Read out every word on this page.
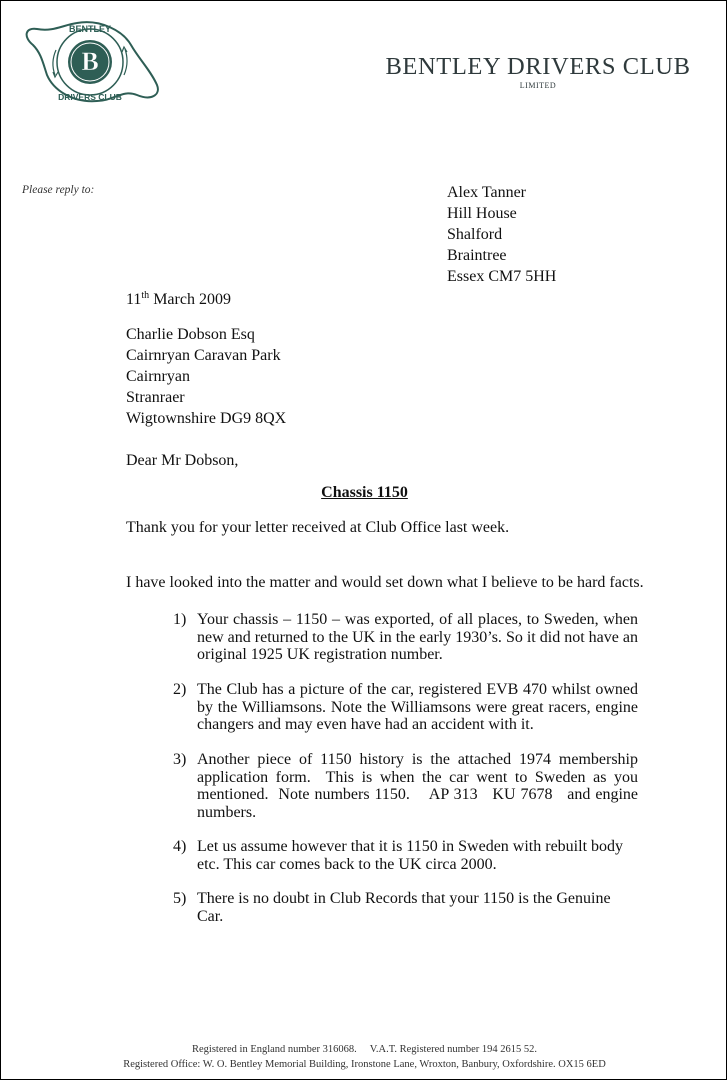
B
BENTLEY
DRIVERS CLUB
BENTLEY DRIVERS CLUB
LIMITED
Please reply to:	Alex Tanner
Hill House
Shalford
Braintree
Essex CM7 5HH
11th March 2009
Charlie Dobson Esq
Cairnryan Caravan Park
Cairnryan
Stranraer
Wigtownshire DG9 8QX
Dear Mr Dobson,
Chassis 1150
Thank you for your letter received at Club Office last week.
I have looked into the matter and would set down what I believe to be hard facts.
1) Your chassis – 1150 – was exported, of all places, to Sweden, when new and returned to the UK in the early 1930’s. So it did not have an original 1925 UK registration number.
2) The Club has a picture of the car, registered EVB 470 whilst owned by the Williamsons. Note the Williamsons were great racers, engine changers and may even have had an accident with it.
3) Another piece of 1150 history is the attached 1974 membership application form.  This is when the car went to Sweden as you mentioned.  Note numbers 1150.    AP 313   KU 7678   and engine numbers.
4) Let us assume however that it is 1150 in Sweden with rebuilt body etc. This car comes back to the UK circa 2000.
5) There is no doubt in Club Records that your 1150 is the Genuine Car.
Registered in England number 316068.     V.A.T. Registered number 194 2615 52.
Registered Office: W. O. Bentley Memorial Building, Ironstone Lane, Wroxton, Banbury, Oxfordshire. OX15 6ED
